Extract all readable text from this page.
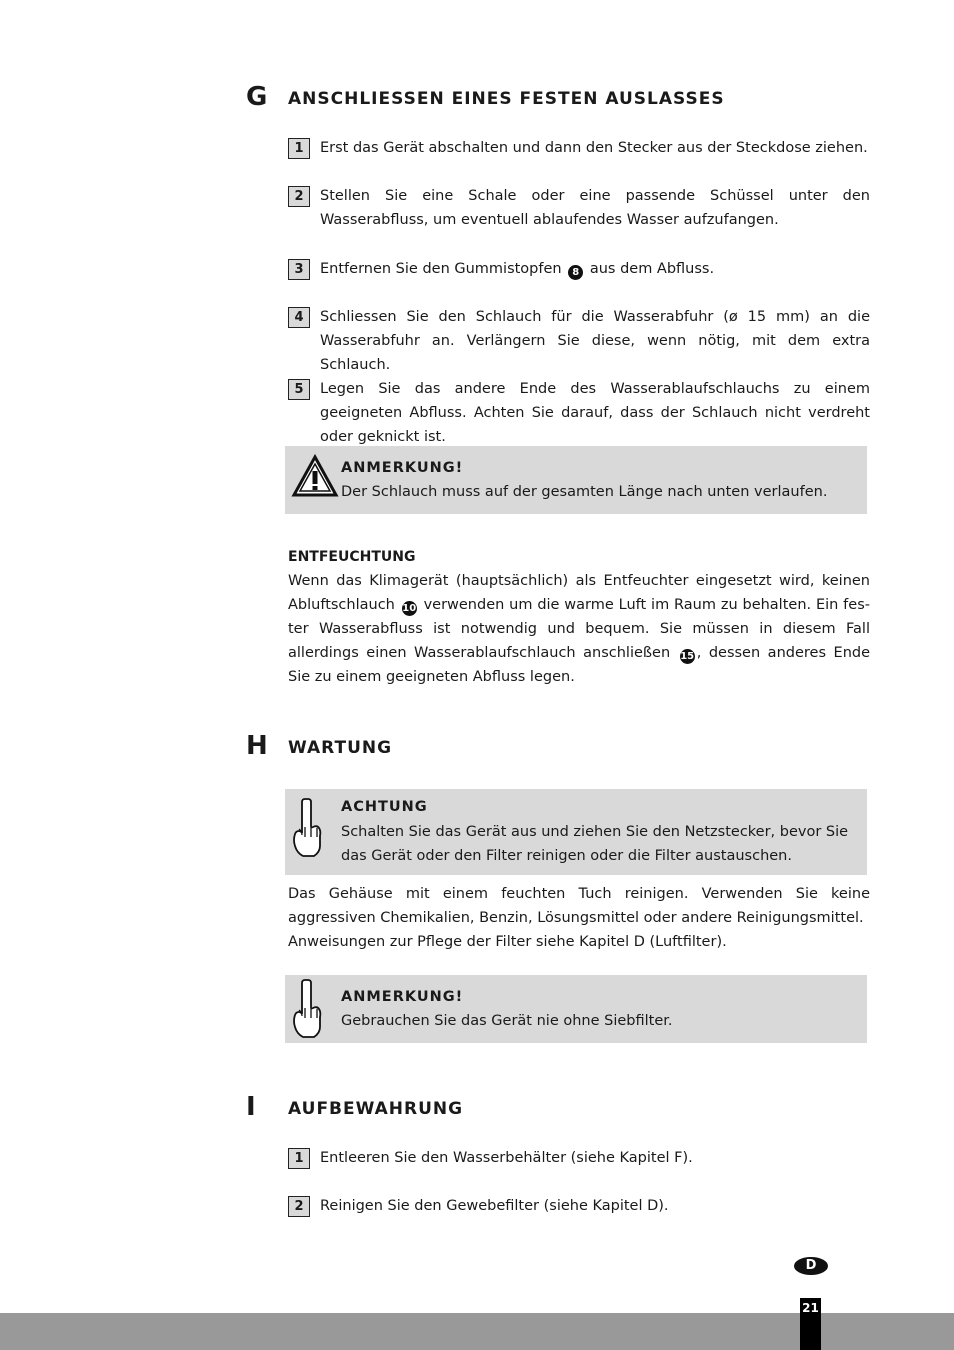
G ANSCHLIESSEN EINES FESTEN AUSLASSES
1	Erst das Gerät abschalten und dann den Stecker aus der Steckdose ziehen.
2	Stellen Sie eine Schale oder eine passende Schüssel unter den Wasserabfluss, um eventuell ablaufendes Wasser aufzufangen.
3	Entfernen Sie den Gummistopfen 8 aus dem Abfluss.
4	Schliessen Sie den Schlauch für die Wasserabfuhr (ø 15 mm) an die Wasserabfuhr an. Verlängern Sie diese, wenn nötig, mit dem extra Schlauch.
5	Legen Sie das andere Ende des Wasserablaufschlauchs zu einem geeigneten Abfluss. Achten Sie darauf, dass der Schlauch nicht verdreht oder geknickt ist.
ANMERKUNG!
Der Schlauch muss auf der gesamten Länge nach unten verlaufen.
ENTFEUCHTUNG
Wenn das Klimagerät (hauptsächlich) als Entfeuchter eingesetzt wird, keinen Abluftschlauch 10 verwenden um die warme Luft im Raum zu behalten. Ein fes-ter Wasserabfluss ist notwendig und bequem. Sie müssen in diesem Fall allerdings einen Wasserablaufschlauch anschließen 15 , dessen anderes Ende Sie zu einem geeigneten Abfluss legen.
H WARTUNG
ACHTUNG
Schalten Sie das Gerät aus und ziehen Sie den Netzstecker, bevor Sie das Gerät oder den Filter reinigen oder die Filter austauschen.
Das Gehäuse mit einem feuchten Tuch reinigen. Verwenden Sie keine aggressiven Chemikalien, Benzin, Lösungsmittel oder andere Reinigungsmittel.
Anweisungen zur Pflege der Filter siehe Kapitel D (Luftfilter).
ANMERKUNG!
Gebrauchen Sie das Gerät nie ohne Siebfilter.
I AUFBEWAHRUNG
1	Entleeren Sie den Wasserbehälter (siehe Kapitel F).
2	Reinigen Sie den Gewebefilter (siehe Kapitel D).
D
21
